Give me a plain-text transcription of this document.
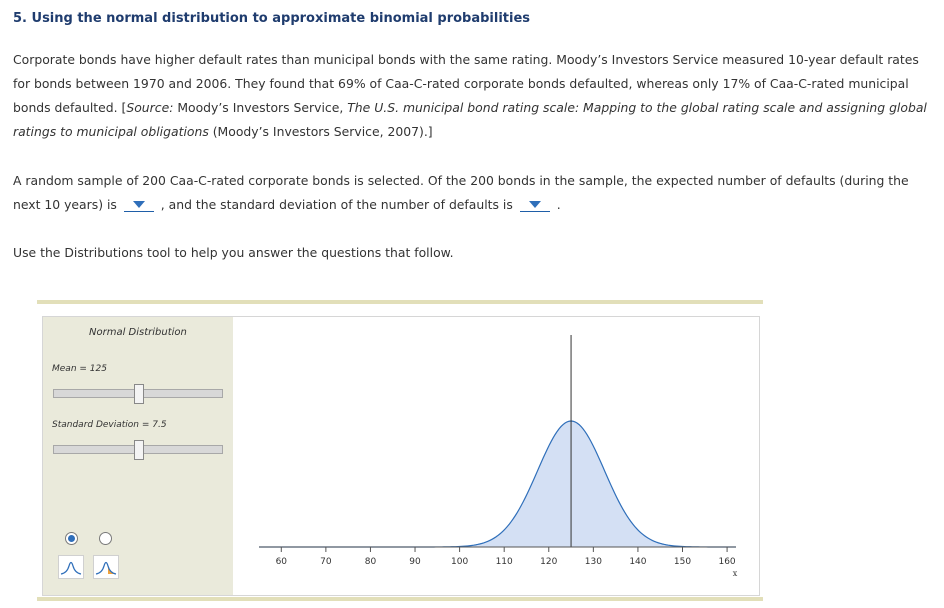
5. Using the normal distribution to approximate binomial probabilities
Corporate bonds have higher default rates than municipal bonds with the same rating. Moody’s Investors Service measured 10-year default rates for bonds between 1970 and 2006. They found that 69% of Caa-C-rated corporate bonds defaulted, whereas only 17% of Caa-C-rated municipal bonds defaulted. [Source: Moody’s Investors Service, The U.S. municipal bond rating scale: Mapping to the global rating scale and assigning global ratings to municipal obligations (Moody’s Investors Service, 2007).]
A random sample of 200 Caa-C-rated corporate bonds is selected. Of the 200 bonds in the sample, the expected number of defaults (during the next 10 years) is	, and the standard deviation of the number of defaults is	.
Use the Distributions tool to help you answer the questions that follow.
Normal Distribution
Mean = 125
Standard Deviation = 7.5
60	70	80	90	100	110	120	130	140	150	160
x
